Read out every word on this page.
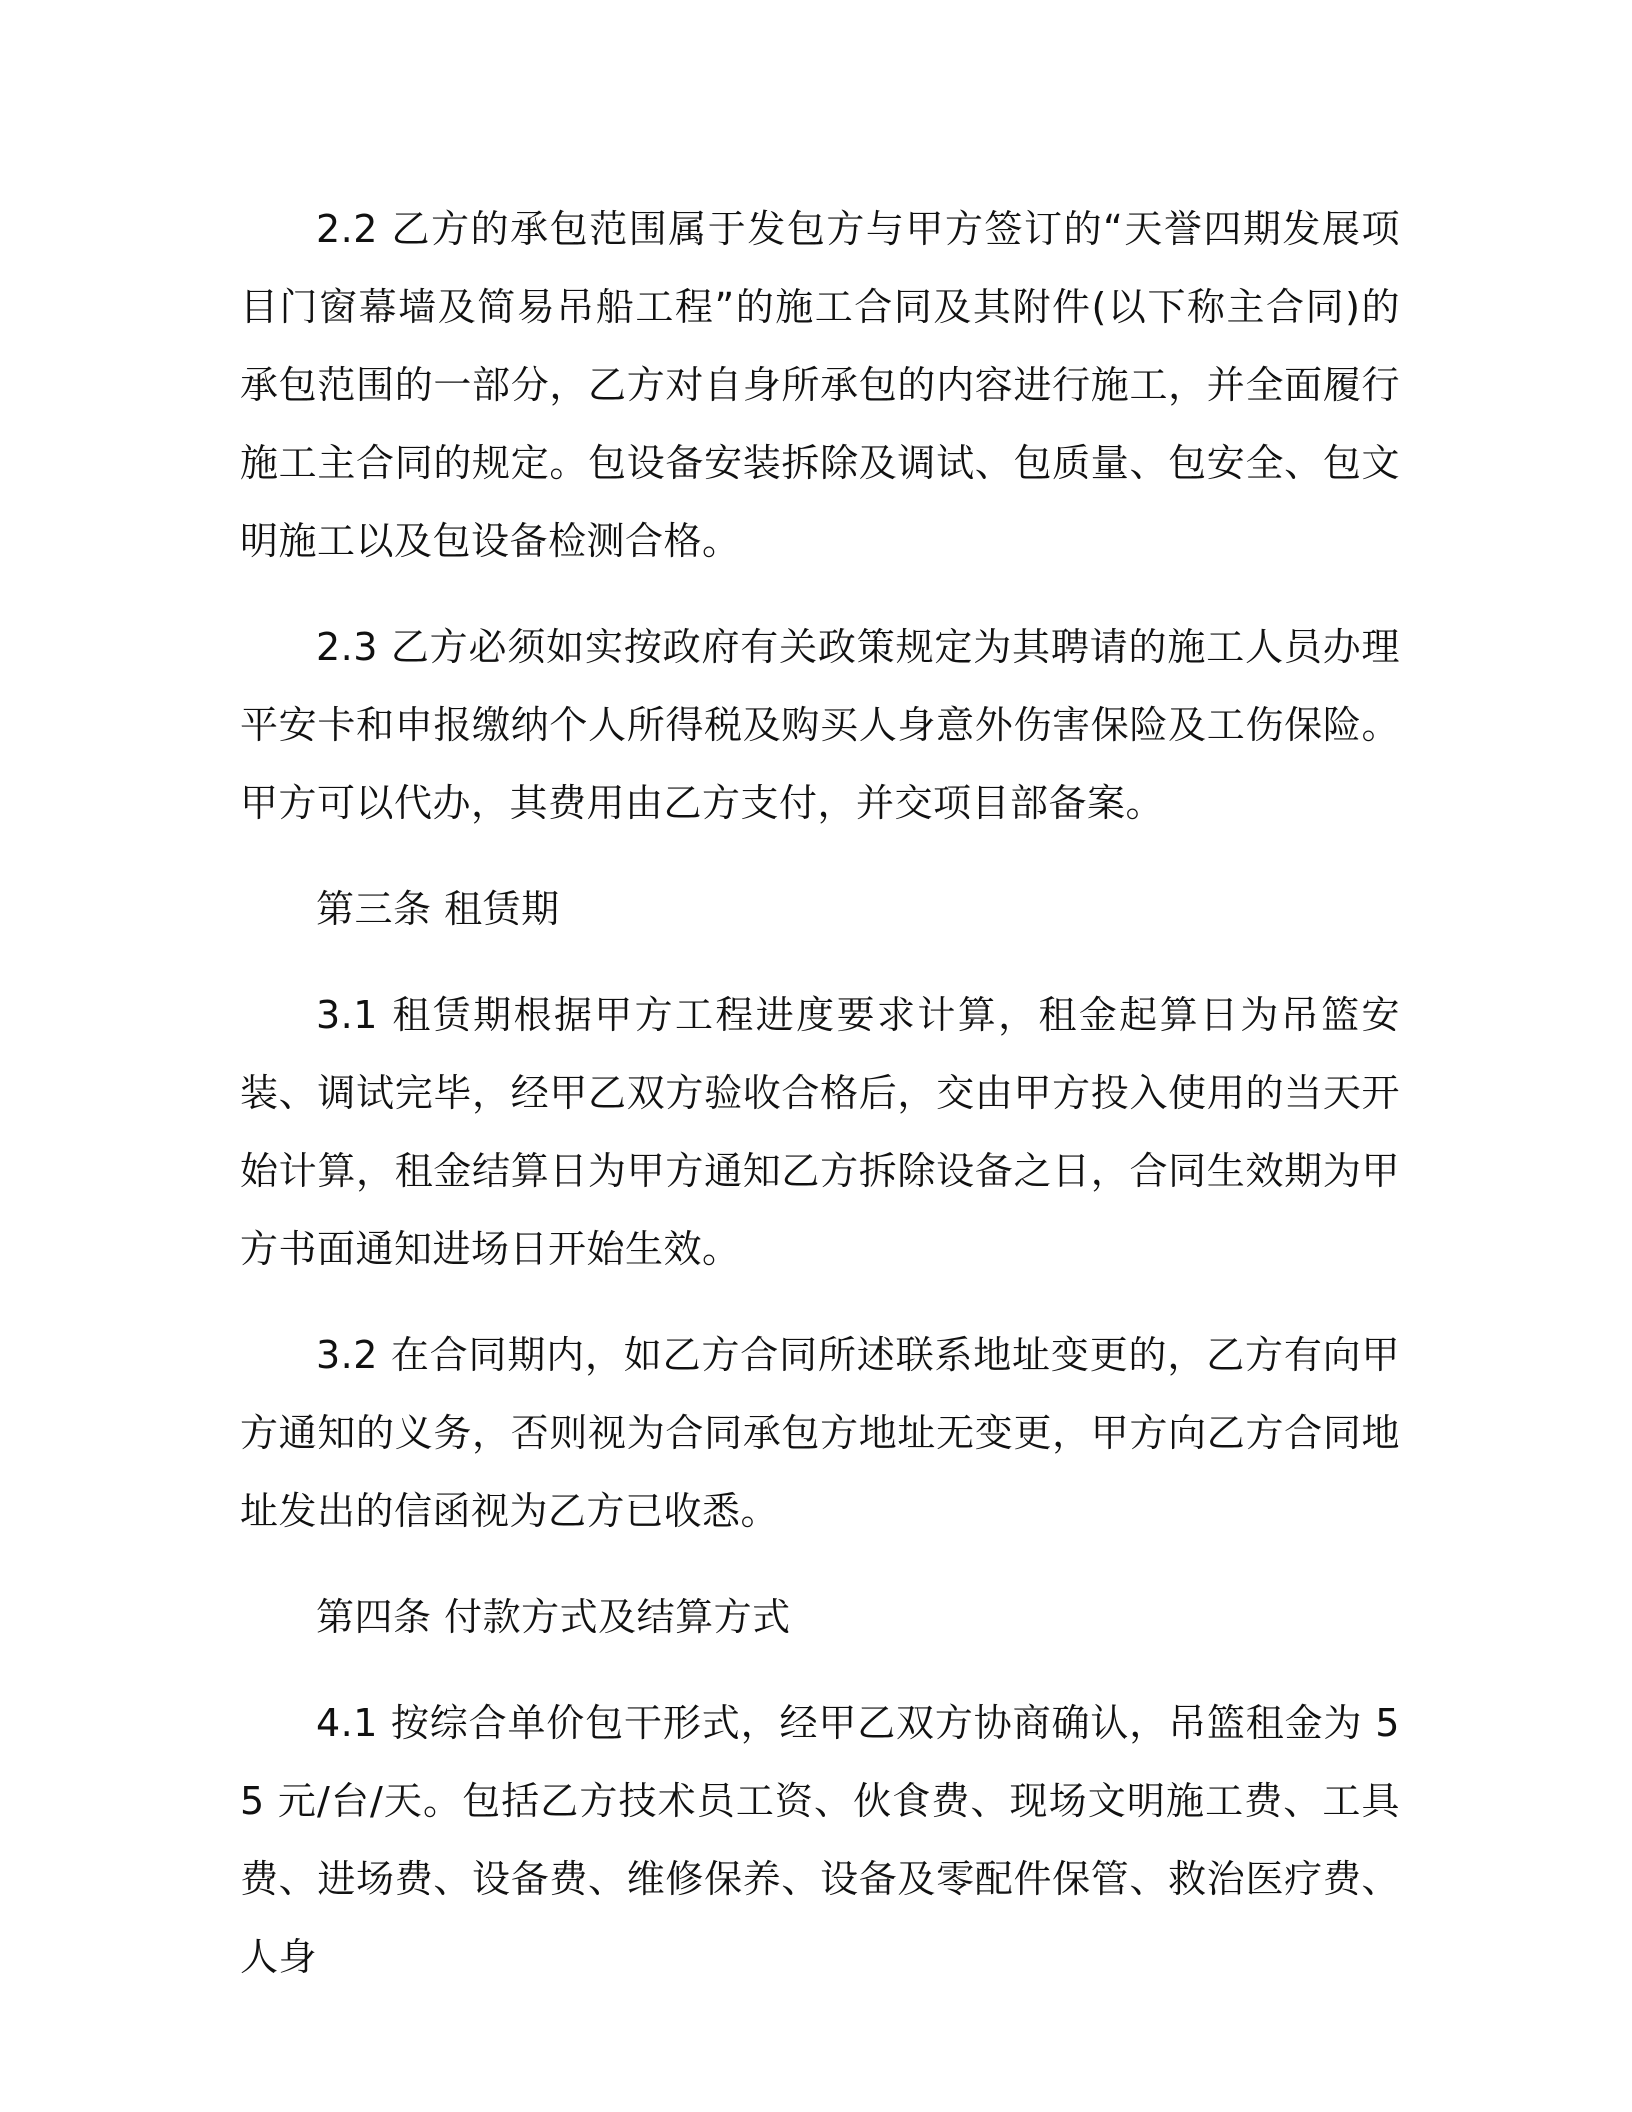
2.2 乙方的承包范围属于发包方与甲方签订的“天誉四期发展项目门窗幕墙及简易吊船工程”的施工合同及其附件(以下称主合同)的承包范围的一部分，乙方对自身所承包的内容进行施工，并全面履行施工主合同的规定。包设备安装拆除及调试、包质量、包安全、包文明施工以及包设备检测合格。

2.3 乙方必须如实按政府有关政策规定为其聘请的施工人员办理平安卡和申报缴纳个人所得税及购买人身意外伤害保险及工伤保险。甲方可以代办，其费用由乙方支付，并交项目部备案。

第三条 租赁期

3.1 租赁期根据甲方工程进度要求计算，租金起算日为吊篮安装、调试完毕，经甲乙双方验收合格后，交由甲方投入使用的当天开始计算，租金结算日为甲方通知乙方拆除设备之日，合同生效期为甲方书面通知进场日开始生效。

3.2 在合同期内，如乙方合同所述联系地址变更的，乙方有向甲方通知的义务，否则视为合同承包方地址无变更，甲方向乙方合同地址发出的信函视为乙方已收悉。

第四条 付款方式及结算方式

4.1 按综合单价包干形式，经甲乙双方协商确认，吊篮租金为 55 元/台/天。包括乙方技术员工资、伙食费、现场文明施工费、工具费、进场费、设备费、维修保养、设备及零配件保管、救治医疗费、人身
